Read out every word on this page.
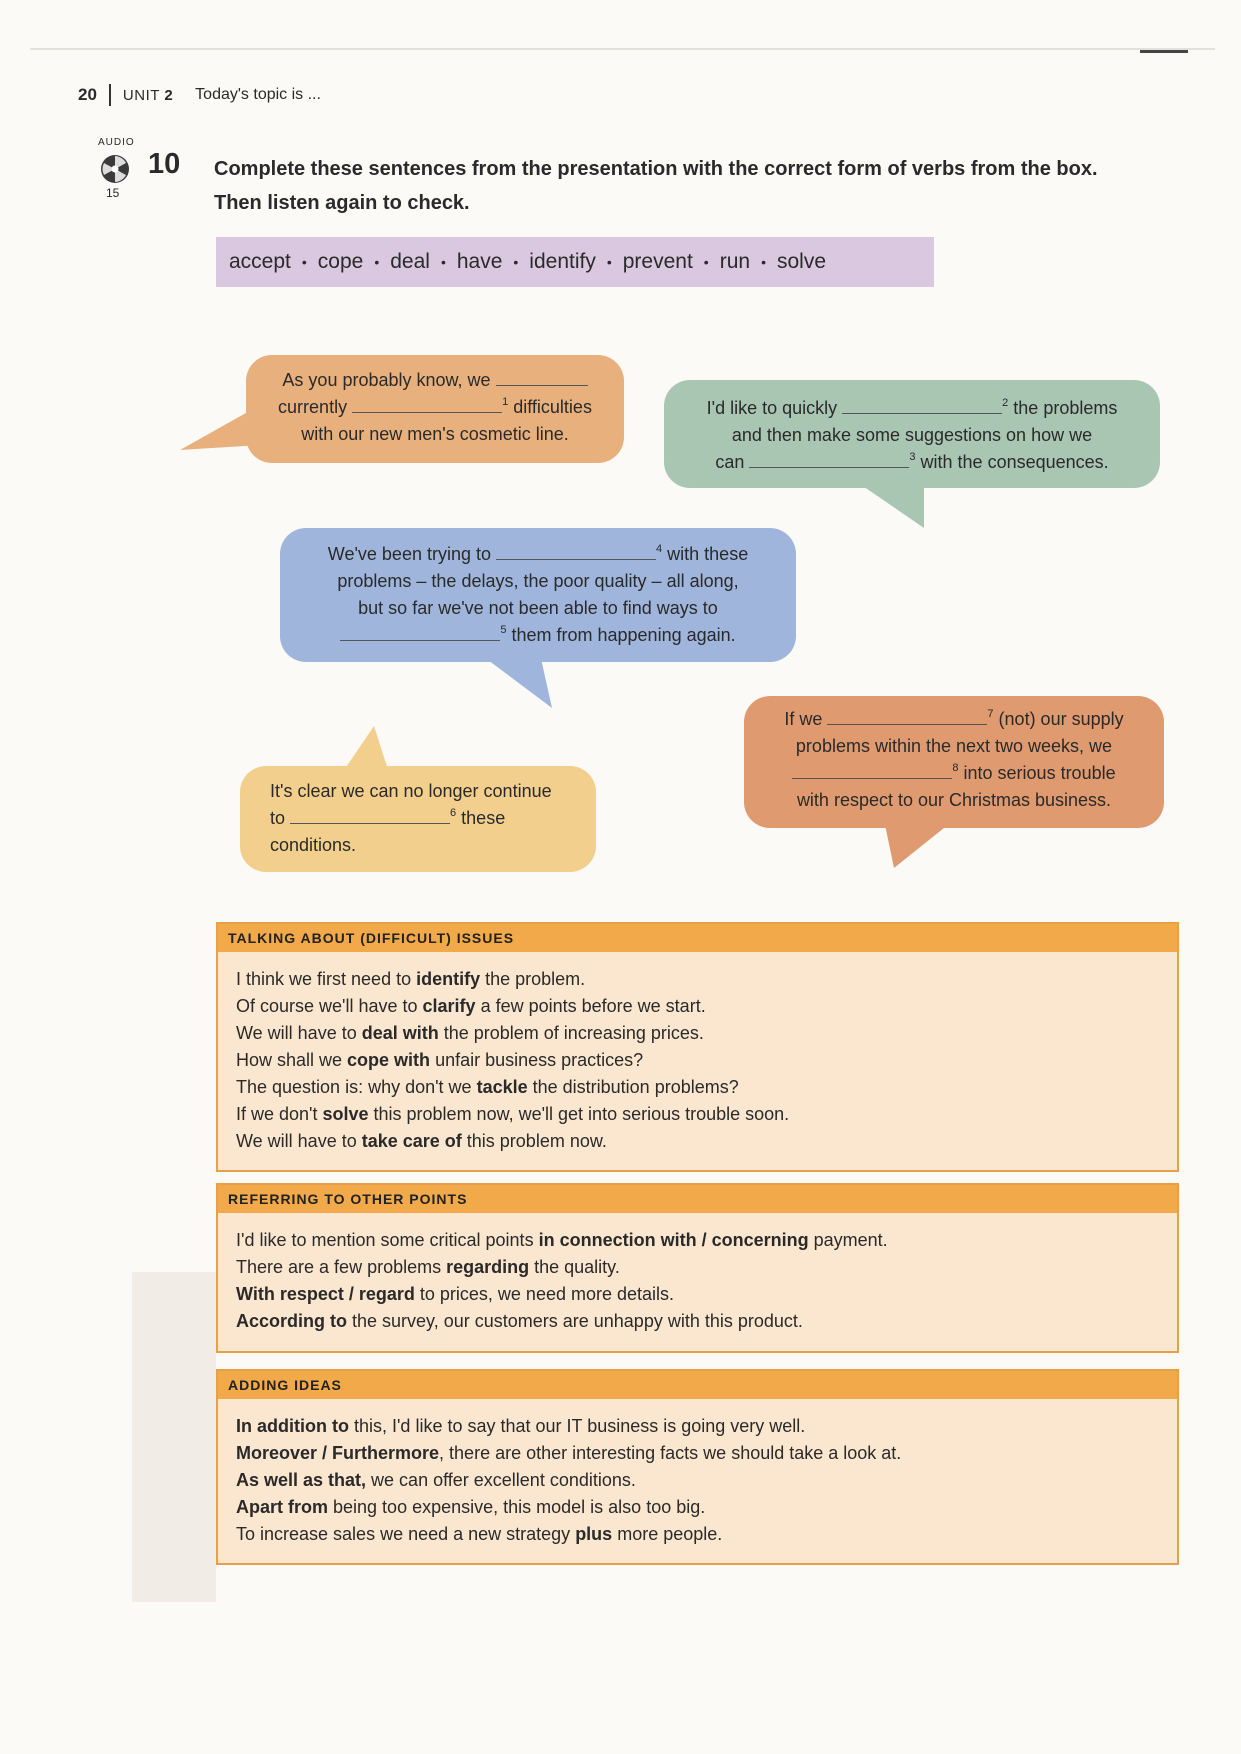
20 UNIT 2 Today's topic is ...
AUDIO
15
10 Complete these sentences from the presentation with the correct form of verbs from the box.
Then listen again to check.
accept • cope • deal • have • identify • prevent • run • solve
As you probably know, we
currently	$^1$ difficulties
with our new men's cosmetic line.
I'd like to quickly	$^2$ the problems
and then make some suggestions on how we
can	$^3$ with the consequences.
We've been trying to	$^4$ with these
problems – the delays, the poor quality – all along,
but so far we've not been able to find ways to
$^5$ them from happening again.
If we	$^7$ (not) our supply
problems within the next two weeks, we
$^8$ into serious trouble
with respect to our Christmas business.
It's clear we can no longer continue
to	$^6$ these
conditions.
TALKING ABOUT (DIFFICULT) ISSUES
I think we first need to identify the problem.
Of course we'll have to clarify a few points before we start.
We will have to deal with the problem of increasing prices.
How shall we cope with unfair business practices?
The question is: why don't we tackle the distribution problems?
If we don't solve this problem now, we'll get into serious trouble soon.
We will have to take care of this problem now.
REFERRING TO OTHER POINTS
I'd like to mention some critical points in connection with / concerning payment.
There are a few problems regarding the quality.
With respect / regard to prices, we need more details.
According to the survey, our customers are unhappy with this product.
ADDING IDEAS
In addition to this, I'd like to say that our IT business is going very well.
Moreover / Furthermore, there are other interesting facts we should take a look at.
As well as that, we can offer excellent conditions.
Apart from being too expensive, this model is also too big.
To increase sales we need a new strategy plus more people.
